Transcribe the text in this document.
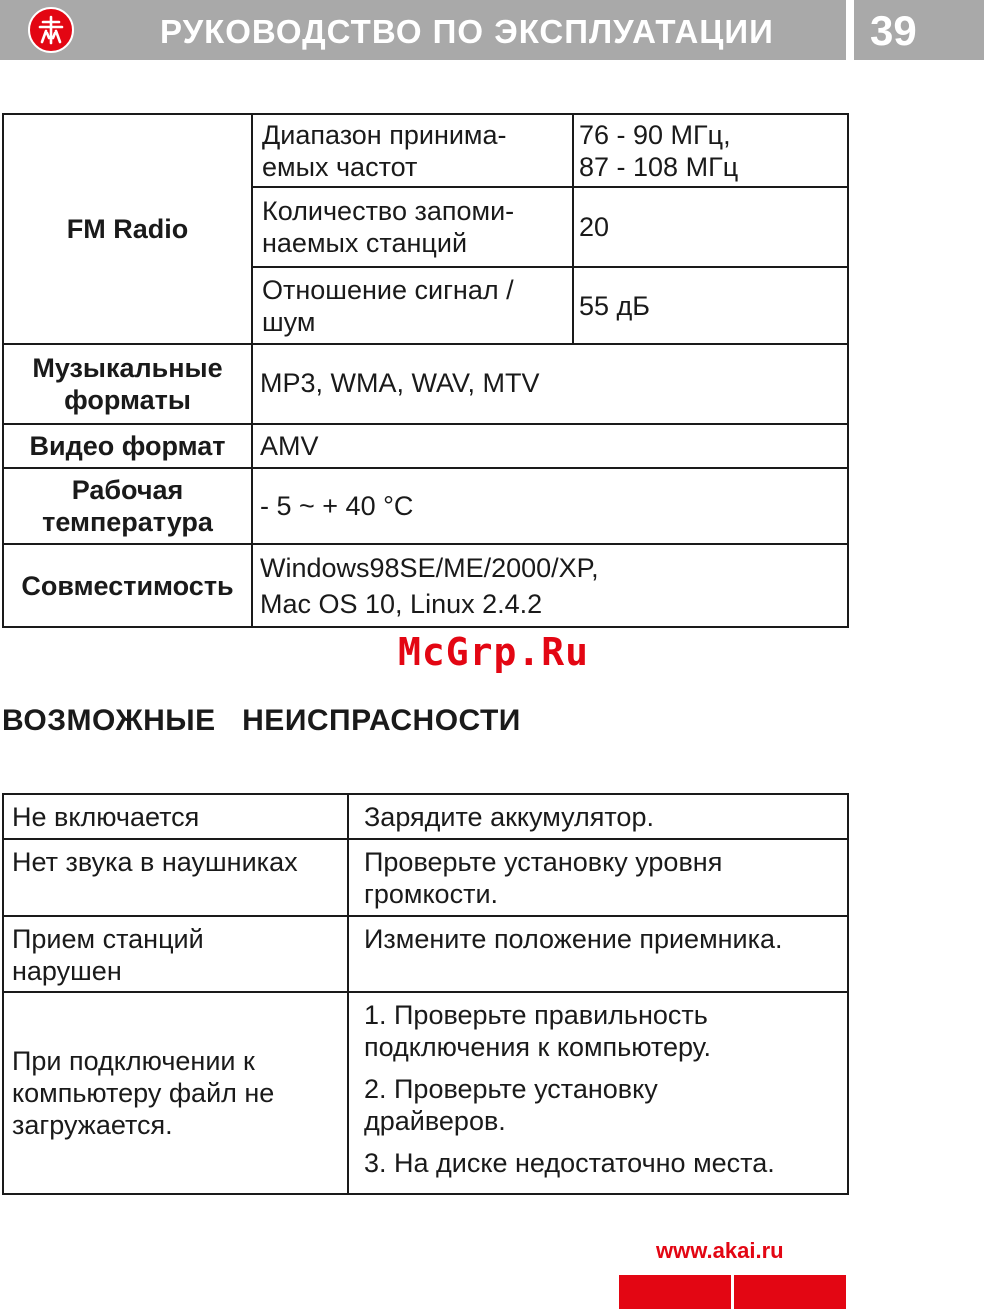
РУКОВОДСТВО ПО ЭКСПЛУАТАЦИИ	39
FM Radio	Диапазон принима-
емых частот	76 - 90 МГц,
87 - 108 МГц

	Количество запоми-
наемых станций	20

	Отношение сигнал /
шум	55 дБ

Музыкальные
форматы	MP3, WMA, WAV, MTV	

Видео формат	AMV	

Рабочая
температура	- 5 ~ + 40 °С	

Совместимость	Windows98SE/ME/2000/XP,
Mac OS 10, Linux 2.4.2	
McGrp.Ru
ВОЗМОЖНЫЕ   НЕИСПРАСНОСТИ
Не включается	Зарядите аккумулятор.
Нет звука в наушниках	Проверьте установку уровня
громкости.

Прием станций
нарушен	Измените положение приемника.

При подключении к
компьютеру файл не
загружается.	1. Проверьте правильность
подключения к компьютеру.
2. Проверьте установку
драйверов.
3. На диске недостаточно места.
www.akai.ru
